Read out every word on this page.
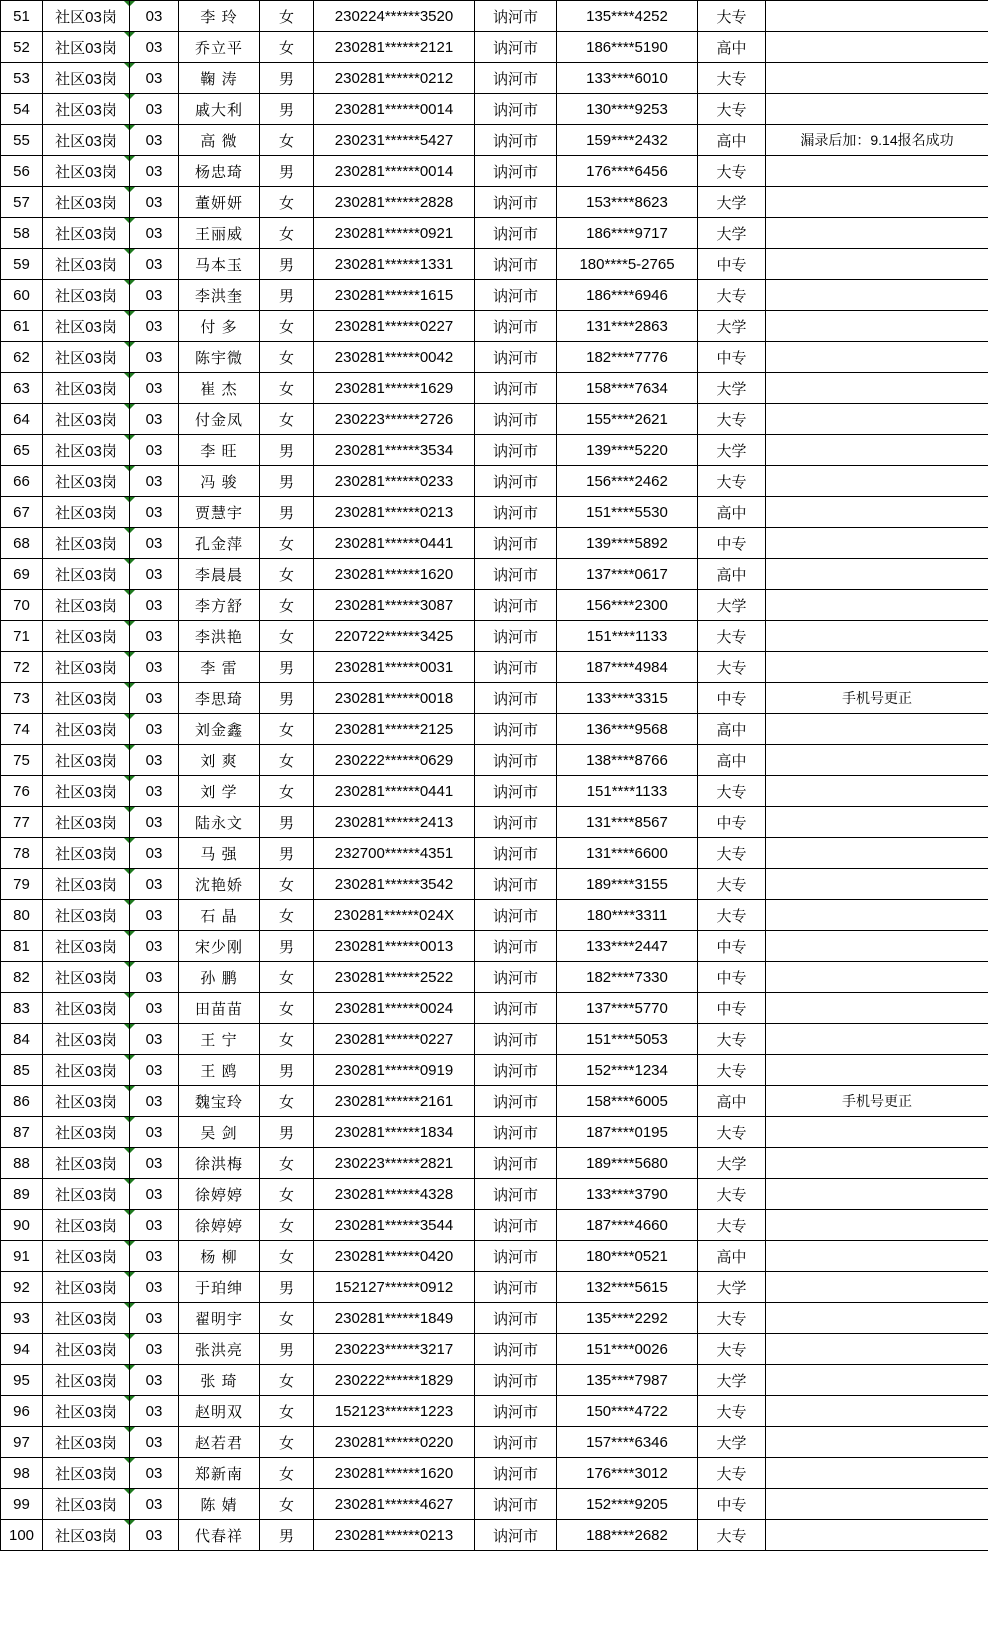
51	社区03岗	03	李 玲	女	230224******3520	讷河市	135****4252	大专	
52	社区03岗	03	乔立平	女	230281******2121	讷河市	186****5190	高中	
53	社区03岗	03	鞠 涛	男	230281******0212	讷河市	133****6010	大专	
54	社区03岗	03	戚大利	男	230281******0014	讷河市	130****9253	大专	
55	社区03岗	03	高 微	女	230231******5427	讷河市	159****2432	高中	漏录后加：9.14报名成功
56	社区03岗	03	杨忠琦	男	230281******0014	讷河市	176****6456	大专	
57	社区03岗	03	董妍妍	女	230281******2828	讷河市	153****8623	大学	
58	社区03岗	03	王丽威	女	230281******0921	讷河市	186****9717	大学	
59	社区03岗	03	马本玉	男	230281******1331	讷河市	180****5-2765	中专	
60	社区03岗	03	李洪奎	男	230281******1615	讷河市	186****6946	大专	
61	社区03岗	03	付 多	女	230281******0227	讷河市	131****2863	大学	
62	社区03岗	03	陈宇微	女	230281******0042	讷河市	182****7776	中专	
63	社区03岗	03	崔 杰	女	230281******1629	讷河市	158****7634	大学	
64	社区03岗	03	付金凤	女	230223******2726	讷河市	155****2621	大专	
65	社区03岗	03	李 旺	男	230281******3534	讷河市	139****5220	大学	
66	社区03岗	03	冯 骏	男	230281******0233	讷河市	156****2462	大专	
67	社区03岗	03	贾慧宇	男	230281******0213	讷河市	151****5530	高中	
68	社区03岗	03	孔金萍	女	230281******0441	讷河市	139****5892	中专	
69	社区03岗	03	李晨晨	女	230281******1620	讷河市	137****0617	高中	
70	社区03岗	03	李方舒	女	230281******3087	讷河市	156****2300	大学	
71	社区03岗	03	李洪艳	女	220722******3425	讷河市	151****1133	大专	
72	社区03岗	03	李 雷	男	230281******0031	讷河市	187****4984	大专	
73	社区03岗	03	李思琦	男	230281******0018	讷河市	133****3315	中专	手机号更正
74	社区03岗	03	刘金鑫	女	230281******2125	讷河市	136****9568	高中	
75	社区03岗	03	刘 爽	女	230222******0629	讷河市	138****8766	高中	
76	社区03岗	03	刘 学	女	230281******0441	讷河市	151****1133	大专	
77	社区03岗	03	陆永文	男	230281******2413	讷河市	131****8567	中专	
78	社区03岗	03	马 强	男	232700******4351	讷河市	131****6600	大专	
79	社区03岗	03	沈艳娇	女	230281******3542	讷河市	189****3155	大专	
80	社区03岗	03	石 晶	女	230281******024X	讷河市	180****3311	大专	
81	社区03岗	03	宋少刚	男	230281******0013	讷河市	133****2447	中专	
82	社区03岗	03	孙 鹏	女	230281******2522	讷河市	182****7330	中专	
83	社区03岗	03	田苗苗	女	230281******0024	讷河市	137****5770	中专	
84	社区03岗	03	王 宁	女	230281******0227	讷河市	151****5053	大专	
85	社区03岗	03	王 鸥	男	230281******0919	讷河市	152****1234	大专	
86	社区03岗	03	魏宝玲	女	230281******2161	讷河市	158****6005	高中	手机号更正
87	社区03岗	03	吴 剑	男	230281******1834	讷河市	187****0195	大专	
88	社区03岗	03	徐洪梅	女	230223******2821	讷河市	189****5680	大学	
89	社区03岗	03	徐婷婷	女	230281******4328	讷河市	133****3790	大专	
90	社区03岗	03	徐婷婷	女	230281******3544	讷河市	187****4660	大专	
91	社区03岗	03	杨 柳	女	230281******0420	讷河市	180****0521	高中	
92	社区03岗	03	于珀绅	男	152127******0912	讷河市	132****5615	大学	
93	社区03岗	03	翟明宇	女	230281******1849	讷河市	135****2292	大专	
94	社区03岗	03	张洪亮	男	230223******3217	讷河市	151****0026	大专	
95	社区03岗	03	张 琦	女	230222******1829	讷河市	135****7987	大学	
96	社区03岗	03	赵明双	女	152123******1223	讷河市	150****4722	大专	
97	社区03岗	03	赵若君	女	230281******0220	讷河市	157****6346	大学	
98	社区03岗	03	郑新南	女	230281******1620	讷河市	176****3012	大专	
99	社区03岗	03	陈 婧	女	230281******4627	讷河市	152****9205	中专	
100	社区03岗	03	代春祥	男	230281******0213	讷河市	188****2682	大专	
